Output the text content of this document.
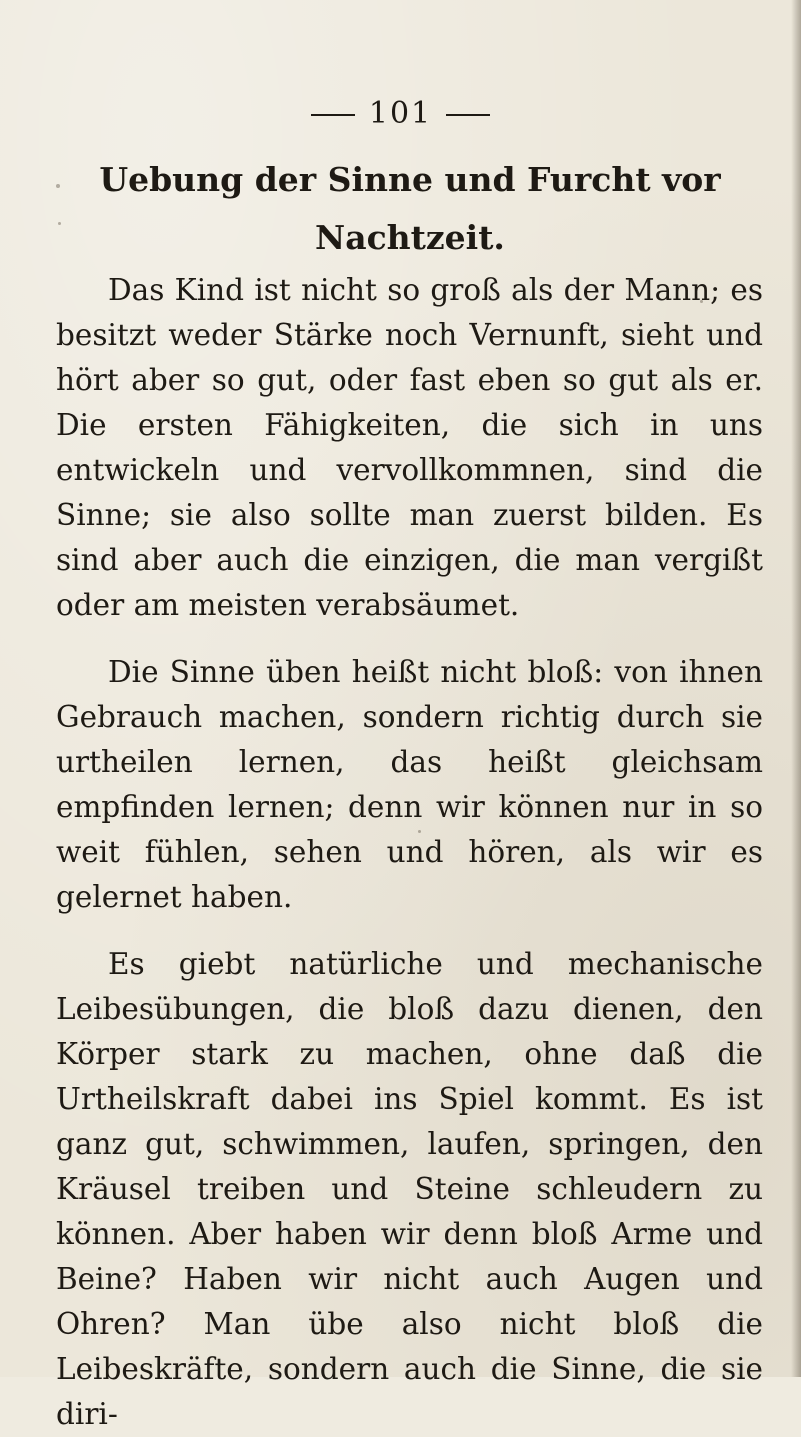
101
Uebung der Sinne und Furcht vor
Nachtzeit.

Das Kind ist nicht so groß als der Mann; es besitzt weder Stärke noch Vernunft, sieht und hört aber so gut, oder fast eben so gut als er. Die ersten Fähigkeiten, die sich in uns entwickeln und vervollkommnen, sind die Sinne; sie also sollte man zuerst bilden. Es sind aber auch die einzigen, die man vergißt oder am meisten verabsäumet.

Die Sinne üben heißt nicht bloß: von ihnen Gebrauch machen, sondern richtig durch sie urtheilen lernen, das heißt gleichsam empfinden lernen; denn wir können nur in so weit fühlen, sehen und hören, als wir es gelernet haben.

Es giebt natürliche und mechanische Leibesübungen, die bloß dazu dienen, den Körper stark zu machen, ohne daß die Urtheilskraft dabei ins Spiel kommt. Es ist ganz gut, schwimmen, laufen, springen, den Kräusel treiben und Steine schleudern zu können. Aber haben wir denn bloß Arme und Beine? Haben wir nicht auch Augen und Ohren? Man übe also nicht bloß die Leibeskräfte, sondern auch die Sinne, die sie diri-
